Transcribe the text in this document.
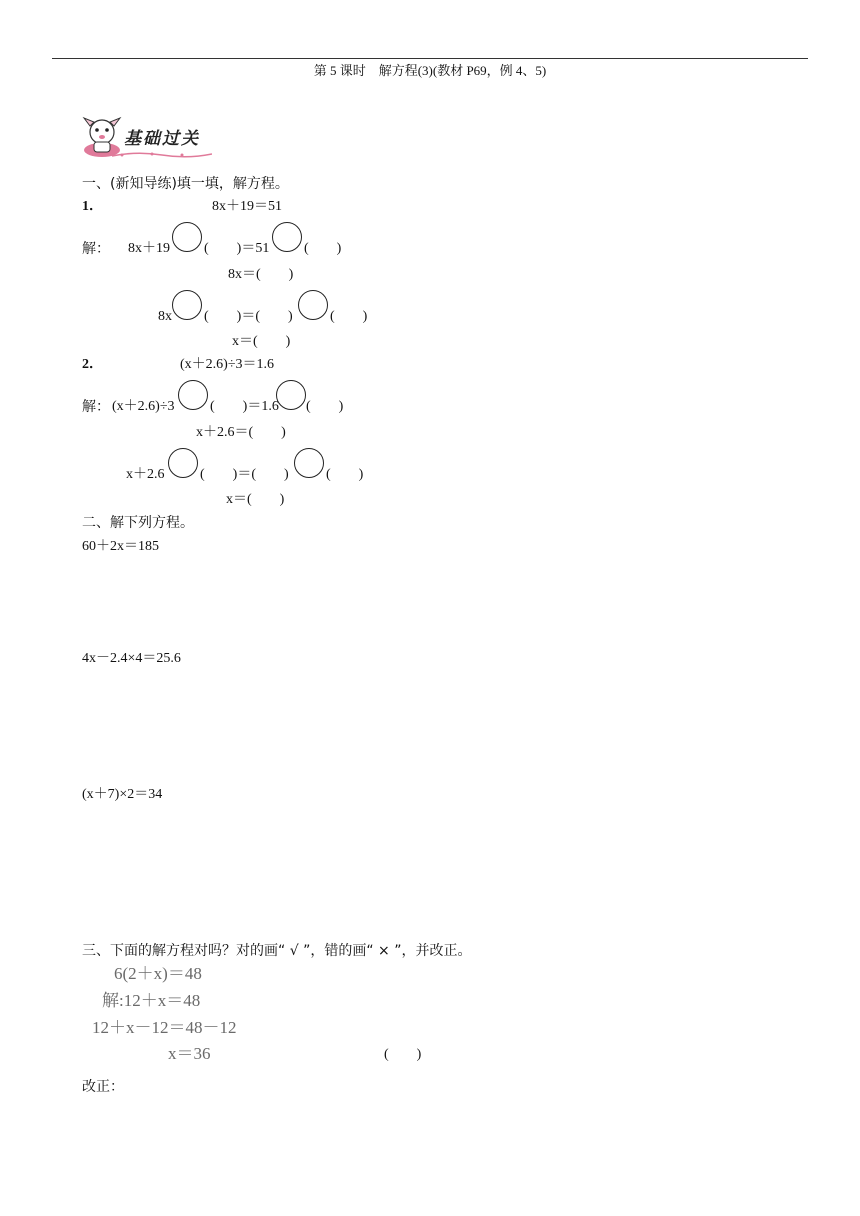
第 5 课时　解方程(3)(教材 P69，例 4、5)
基础过关
一、(新知导练)填一填，解方程。
1．	8x＋19＝51
解： 8x＋19 (　　)＝51 (　　)
8x＝(　　)
8x (　　)＝(　　)	(　　)
x＝(　　)
2．	(x＋2.6)÷3＝1.6
解： (x＋2.6)÷3	(　　)＝1.6 (　　)
x＋2.6＝(　　)
x＋2.6	(　　)＝(　　)	(　　)
x＝(　　)
二、解下列方程。
60＋2x＝185
4x－2.4×4＝25.6
(x＋7)×2＝34
三、下面的解方程对吗？对的画“ √ ”，错的画“ × ”，并改正。
6(2＋x)＝48
解:12＋x＝48
12＋x－12＝48－12
x＝36	(　　)
改正：
